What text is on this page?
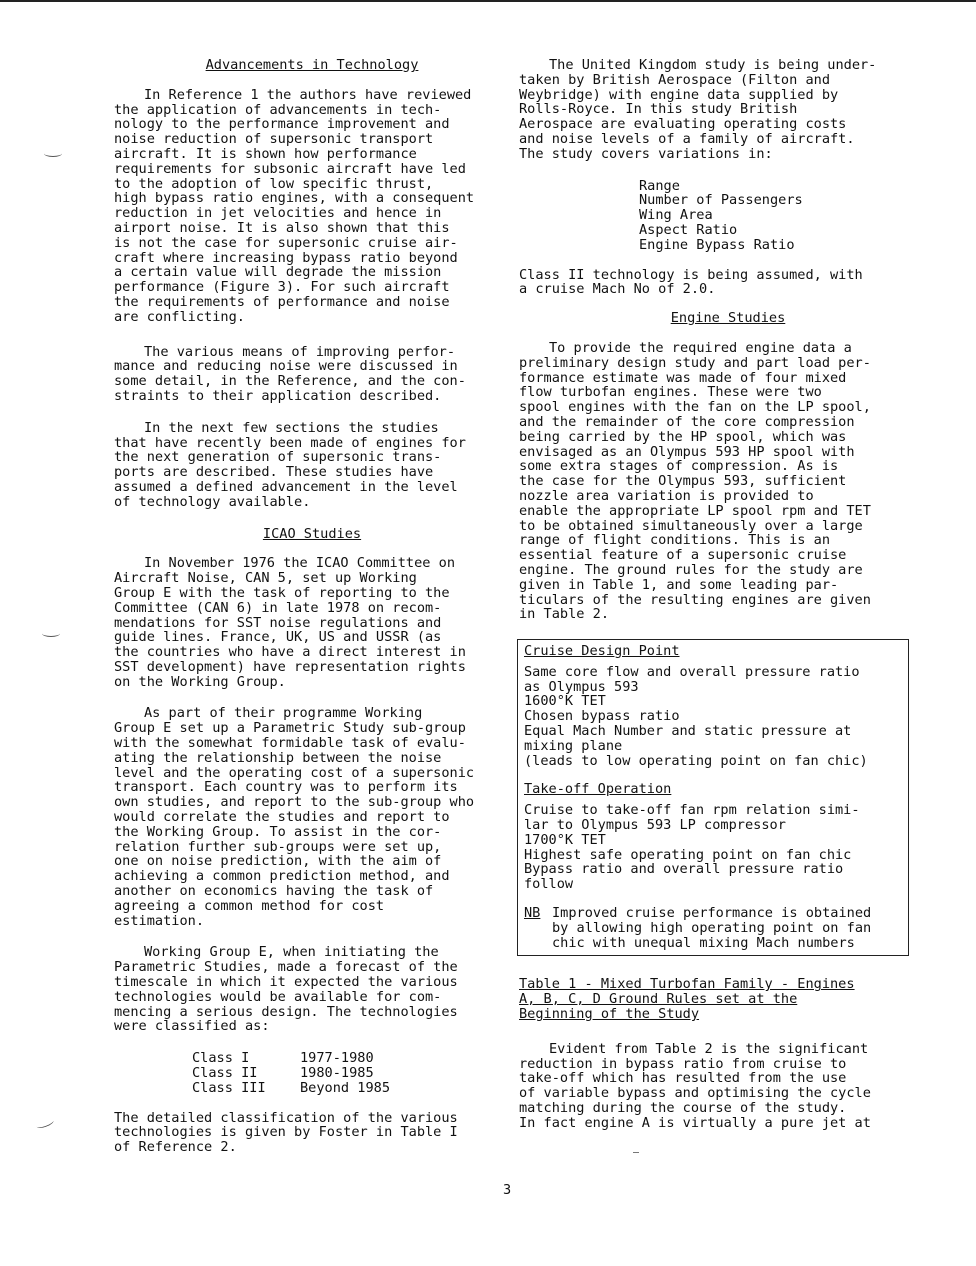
Advancements in Technology
In Reference 1 the authors have reviewed
the application of advancements in tech-
nology to the performance improvement and
noise reduction of supersonic transport
aircraft. It is shown how performance
requirements for subsonic aircraft have led
to the adoption of low specific thrust,
high bypass ratio engines, with a consequent
reduction in jet velocities and hence in
airport noise. It is also shown that this
is not the case for supersonic cruise air-
craft where increasing bypass ratio beyond
a certain value will degrade the mission
performance (Figure 3). For such aircraft
the requirements of performance and noise
are conflicting.
The various means of improving perfor-
mance and reducing noise were discussed in
some detail, in the Reference, and the con-
straints to their application described.
In the next few sections the studies
that have recently been made of engines for
the next generation of supersonic trans-
ports are described. These studies have
assumed a defined advancement in the level
of technology available.
ICAO Studies
In November 1976 the ICAO Committee on
Aircraft Noise, CAN 5, set up Working
Group E with the task of reporting to the
Committee (CAN 6) in late 1978 on recom-
mendations for SST noise regulations and
guide lines. France, UK, US and USSR (as
the countries who have a direct interest in
SST development) have representation rights
on the Working Group.
As part of their programme Working
Group E set up a Parametric Study sub-group
with the somewhat formidable task of evalu-
ating the relationship between the noise
level and the operating cost of a supersonic
transport. Each country was to perform its
own studies, and report to the sub-group who
would correlate the studies and report to
the Working Group. To assist in the cor-
relation further sub-groups were set up,
one on noise prediction, with the aim of
achieving a common prediction method, and
another on economics having the task of
agreeing a common method for cost
estimation.
Working Group E, when initiating the
Parametric Studies, made a forecast of the
timescale in which it expected the various
technologies would be available for com-
mencing a serious design. The technologies
were classified as:
Class I	1977-1980
Class II	1980-1985
Class III	Beyond 1985
The detailed classification of the various
technologies is given by Foster in Table I
of Reference 2.
The United Kingdom study is being under-
taken by British Aerospace (Filton and
Weybridge) with engine data supplied by
Rolls-Royce. In this study British
Aerospace are evaluating operating costs
and noise levels of a family of aircraft.
The study covers variations in:
Range
Number of Passengers
Wing Area
Aspect Ratio
Engine Bypass Ratio
Class II technology is being assumed, with
a cruise Mach No of 2.0.
Engine Studies
To provide the required engine data a
preliminary design study and part load per-
formance estimate was made of four mixed
flow turbofan engines. These were two
spool engines with the fan on the LP spool,
and the remainder of the core compression
being carried by the HP spool, which was
envisaged as an Olympus 593 HP spool with
some extra stages of compression. As is
the case for the Olympus 593, sufficient
nozzle area variation is provided to
enable the appropriate LP spool rpm and TET
to be obtained simultaneously over a large
range of flight conditions. This is an
essential feature of a supersonic cruise
engine. The ground rules for the study are
given in Table 1, and some leading par-
ticulars of the resulting engines are given
in Table 2.
Cruise Design Point
Same core flow and overall pressure ratio
as Olympus 593
1600°K TET
Chosen bypass ratio
Equal Mach Number and static pressure at
mixing plane
(leads to low operating point on fan chic)
Take-off Operation
Cruise to take-off fan rpm relation simi-
lar to Olympus 593 LP compressor
1700°K TET
Highest safe operating point on fan chic
Bypass ratio and overall pressure ratio
follow
NB Improved cruise performance is obtained
by allowing high operating point on fan
chic with unequal mixing Mach numbers
Table 1 - Mixed Turbofan Family - Engines
A, B, C, D Ground Rules set at the
Beginning of the Study
Evident from Table 2 is the significant
reduction in bypass ratio from cruise to
take-off which has resulted from the use
of variable bypass and optimising the cycle
matching during the course of the study.
In fact engine A is virtually a pure jet at
3
